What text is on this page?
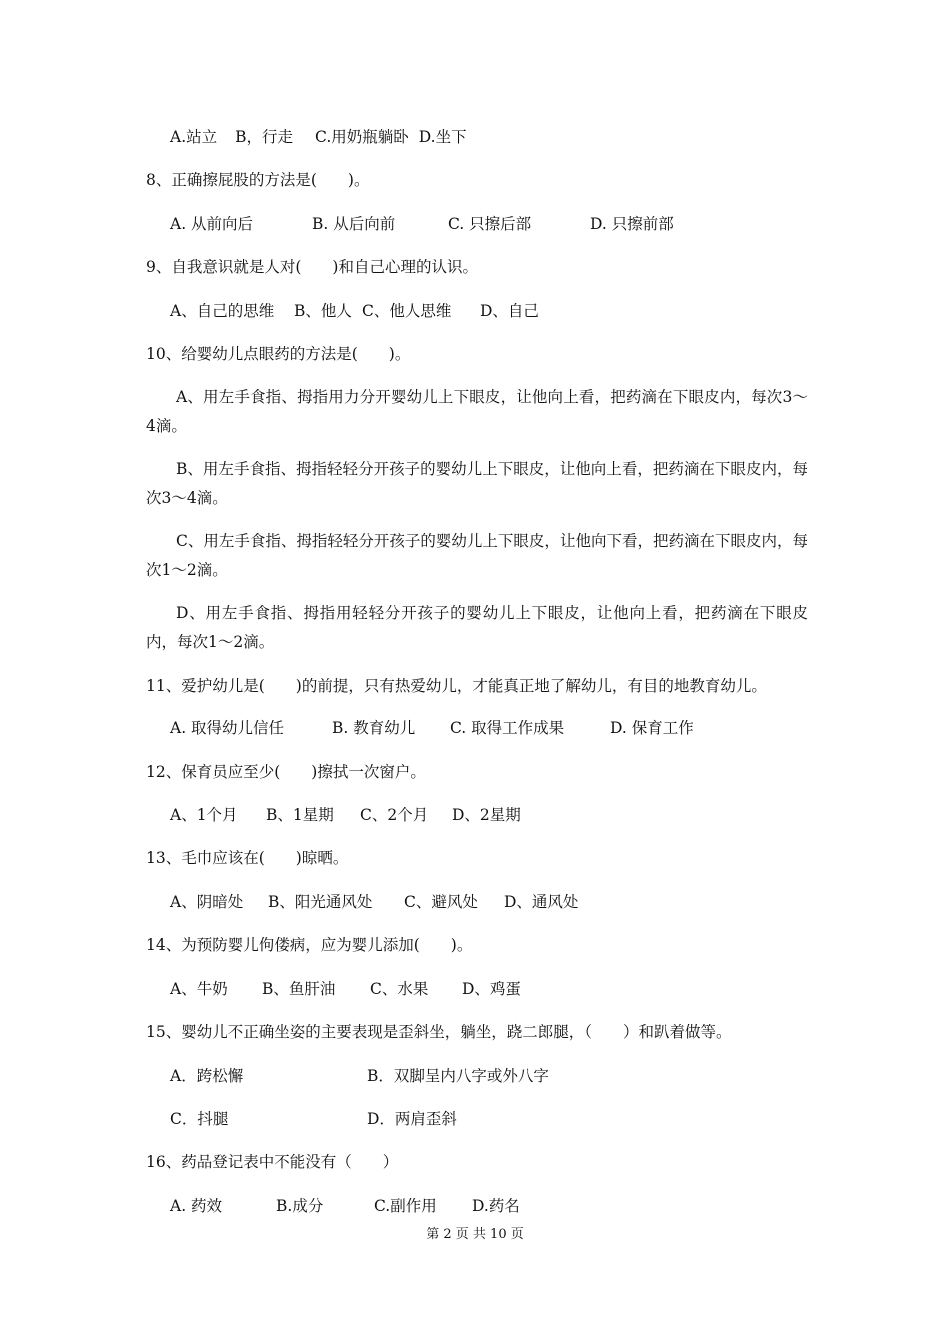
A.站立 B，行走 C.用奶瓶躺卧 D.坐下
8、正确擦屁股的方法是(　　)。
A. 从前向后	B. 从后向前	C. 只擦后部	D. 只擦前部
9、自我意识就是人对(　　)和自己心理的认识。
A、自己的思维 B、他人 C、他人思维 D、自己
10、给婴幼儿点眼药的方法是(　　)。
A、用左手食指、拇指用力分开婴幼儿上下眼皮，让他向上看，把药滴在下眼皮内，每次3～4滴。
B、用左手食指、拇指轻轻分开孩子的婴幼儿上下眼皮，让他向上看，把药滴在下眼皮内，每次3～4滴。
C、用左手食指、拇指轻轻分开孩子的婴幼儿上下眼皮，让他向下看，把药滴在下眼皮内，每次1～2滴。
D、用左手食指、拇指用轻轻分开孩子的婴幼儿上下眼皮，让他向上看，把药滴在下眼皮内，每次1～2滴。
11、爱护幼儿是(　　)的前提，只有热爱幼儿，才能真正地了解幼儿，有目的地教育幼儿。
A. 取得幼儿信任	B. 教育幼儿 C. 取得工作成果	D. 保育工作
12、保育员应至少(　　)擦拭一次窗户。
A、1个月 B、1星期 C、2个月 D、2星期
13、毛巾应该在(　　)晾晒。
A、阴暗处 B、阳光通风处 C、避风处 D、通风处
14、为预防婴儿佝偻病，应为婴儿添加(　　)。
A、牛奶 B、鱼肝油 C、水果 D、鸡蛋
15、婴幼儿不正确坐姿的主要表现是歪斜坐，躺坐，跷二郎腿，（　　）和趴着做等。
A．跨松懈	B．双脚呈内八字或外八字
C．抖腿	D．两肩歪斜
16、药品登记表中不能没有（　　）
A. 药效	B.成分	C.副作用 D.药名
第 2 页 共 10 页
